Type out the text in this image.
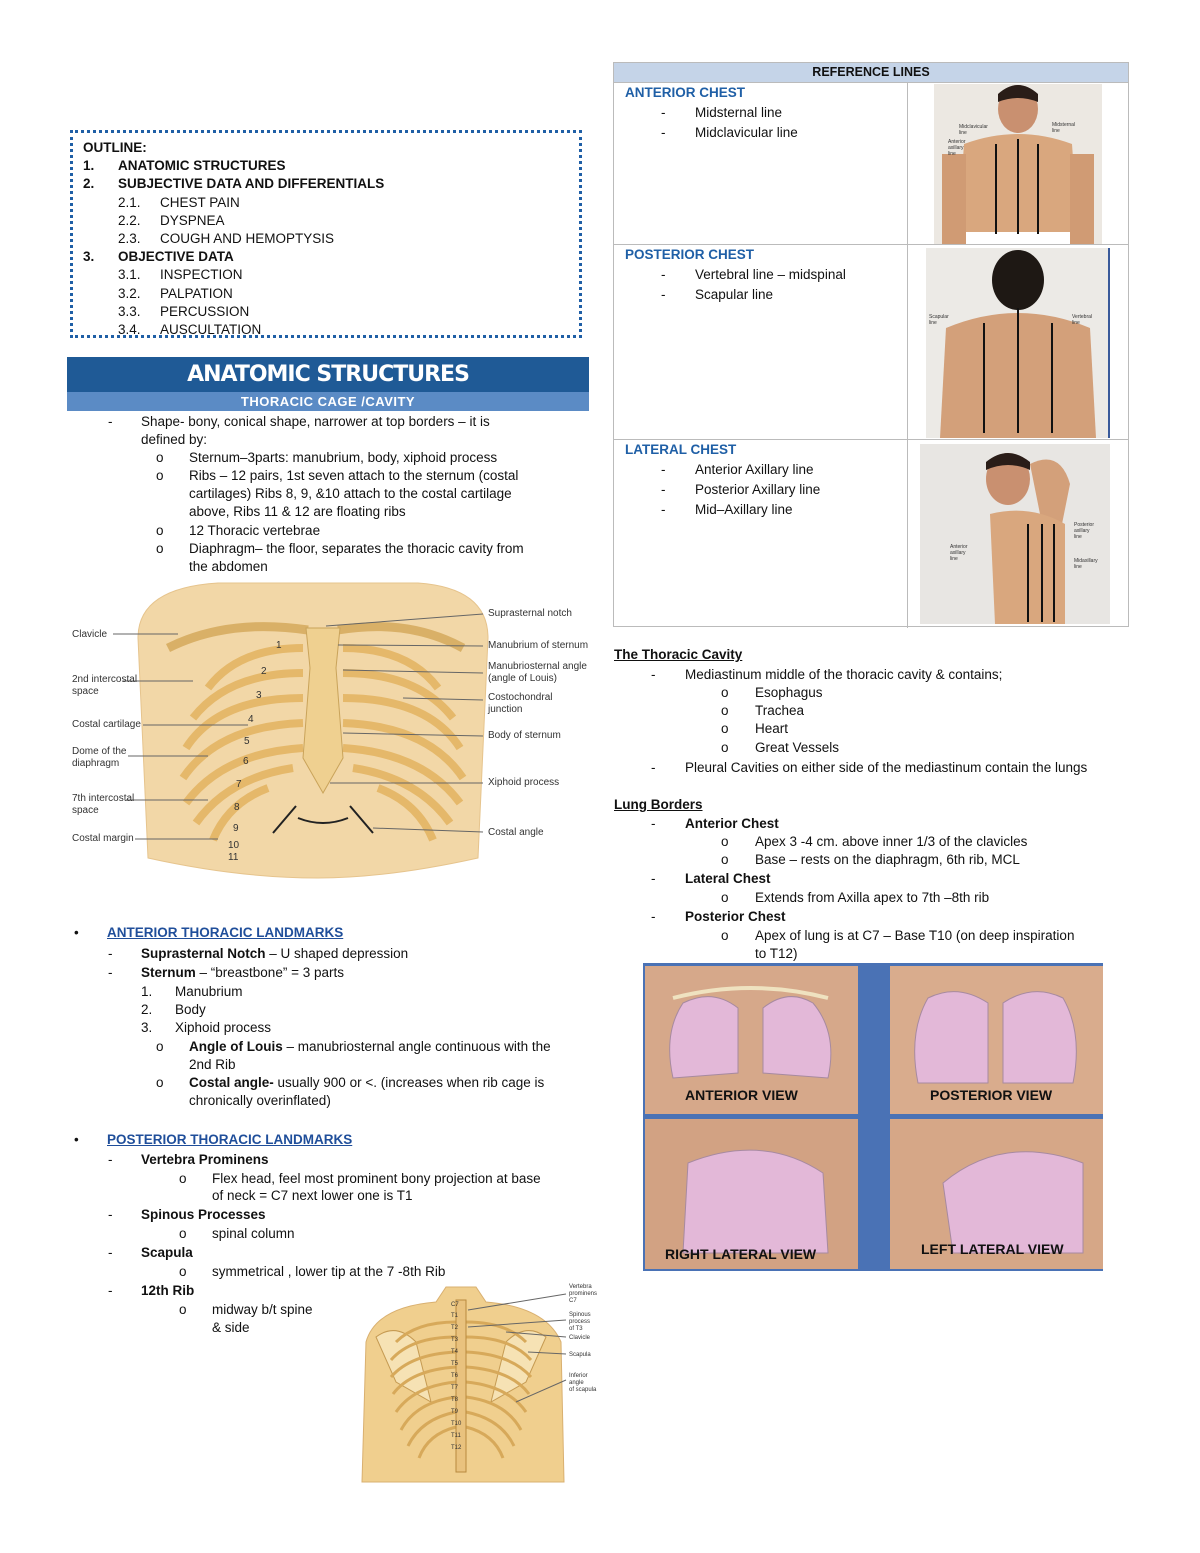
OUTLINE:
1. ANATOMIC STRUCTURES
2. SUBJECTIVE DATA AND DIFFERENTIALS
2.1. CHEST PAIN
2.2. DYSPNEA
2.3. COUGH AND HEMOPTYSIS
3. OBJECTIVE DATA
3.1. INSPECTION
3.2. PALPATION
3.3. PERCUSSION
3.4. AUSCULTATION
ANATOMIC STRUCTURES
THORACIC CAGE /CAVITY
- Shape- bony, conical shape, narrower at top borders – it is
defined by:
o Sternum–3parts: manubrium, body, xiphoid process
o Ribs – 12 pairs, 1st seven attach to the sternum (costal
cartilages) Ribs 8, 9, &10 attach to the costal cartilage
above, Ribs 11 & 12 are floating ribs
o 12 Thoracic vertebrae
o Diaphragm– the floor, separates the thoracic cavity from
the abdomen
Clavicle
2nd intercostal
space
Costal cartilage
Dome of the
diaphragm
7th intercostal
space
Costal margin
Suprasternal notch
Manubrium of sternum
Manubriosternal angle
(angle of Louis)
Costochondral
junction
Body of sternum
Xiphoid process
Costal angle
1
2
3
4
5
6
7
8
9
10
11
• ANTERIOR THORACIC LANDMARKS
- Suprasternal Notch – U shaped depression
- Sternum – “breastbone” = 3 parts
1. Manubrium
2. Body
3. Xiphoid process
o Angle of Louis – manubriosternal angle continuous with the
2nd Rib
o Costal angle- usually 900 or <. (increases when rib cage is
chronically overinflated)
• POSTERIOR THORACIC LANDMARKS
- Vertebra Prominens
o Flex head, feel most prominent bony projection at base
of neck = C7 next lower one is T1
- Spinous Processes
o spinal column
- Scapula
o symmetrical , lower tip at the 7 -8th Rib
- 12th Rib
o midway b/t spine
& side
Vertebra
prominens
C7
Spinous
process
of T3
Clavicle
Scapula
Inferior
angle
of scapula
C7
T1
T2
T3
T4
T5
T6
T7
T8
T9
T10
T11
T12
REFERENCE LINES
ANTERIOR CHEST
- Midsternal line
- Midclavicular line	Midclavicular
line
Anterior
axillary
line
Midsternal
line
POSTERIOR CHEST
- Vertebral line – midspinal
- Scapular line
Scapular
line
Vertebral
line
LATERAL CHEST
- Anterior Axillary line
- Posterior Axillary line
- Mid–Axillary line
Anterior
axillary
line
Posterior
axillary
line
Midaxillary
line
The Thoracic Cavity
- Mediastinum middle of the thoracic cavity & contains;
o Esophagus
o Trachea
o Heart
o Great Vessels
- Pleural Cavities on either side of the mediastinum contain the lungs
Lung Borders
- Anterior Chest
o Apex 3 -4 cm. above inner 1/3 of the clavicles
o Base – rests on the diaphragm, 6th rib, MCL
- Lateral Chest
o Extends from Axilla apex to 7th –8th rib
- Posterior Chest
o Apex of lung is at C7 – Base T10 (on deep inspiration
to T12)
ANTERIOR VIEW	POSTERIOR VIEW
RIGHT LATERAL VIEW	LEFT LATERAL VIEW
